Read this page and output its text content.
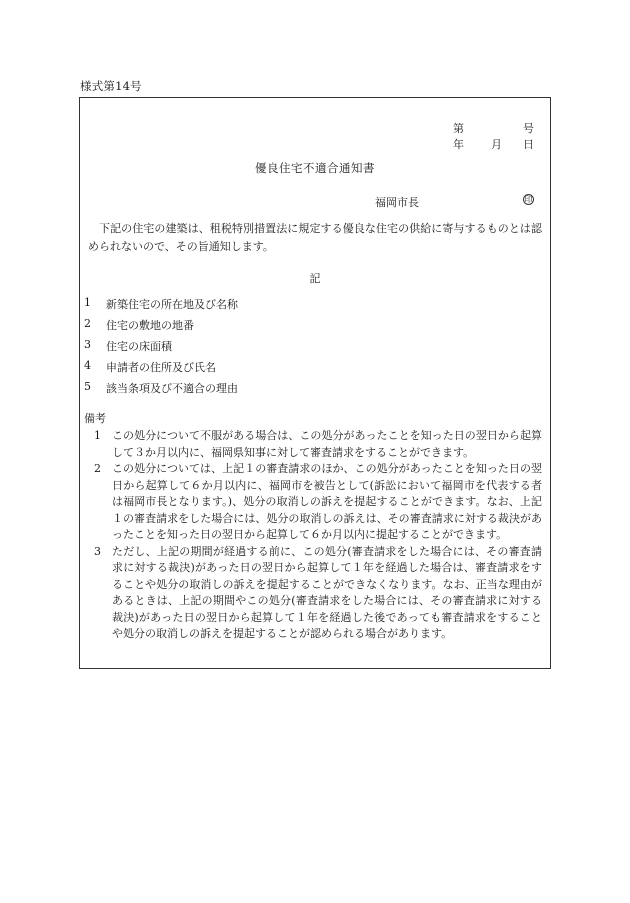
様式第14号
第	号
年	月	日
優良住宅不適合通知書
福岡市長	印
下記の住宅の建築は、租税特別措置法に規定する優良な住宅の供給に寄与するものとは認められないので、その旨通知します。
記
1	新築住宅の所在地及び名称
2	住宅の敷地の地番
3	住宅の床面積
4	申請者の住所及び氏名
5	該当条項及び不適合の理由
備考
1	この処分について不服がある場合は、この処分があったことを知った日の翌日から起算して３か月以内に、福岡県知事に対して審査請求をすることができます。
2	この処分については、上記１の審査請求のほか、この処分があったことを知った日の翌日から起算して６か月以内に、福岡市を被告として(訴訟において福岡市を代表する者は福岡市長となります。)、処分の取消しの訴えを提起することができます。なお、上記１の審査請求をした場合には、処分の取消しの訴えは、その審査請求に対する裁決があったことを知った日の翌日から起算して６か月以内に提起することができます。
3	ただし、上記の期間が経過する前に、この処分(審査請求をした場合には、その審査請求に対する裁決)があった日の翌日から起算して１年を経過した場合は、審査請求をすることや処分の取消しの訴えを提起することができなくなります。なお、正当な理由があるときは、上記の期間やこの処分(審査請求をした場合には、その審査請求に対する裁決)があった日の翌日から起算して１年を経過した後であっても審査請求をすることや処分の取消しの訴えを提起することが認められる場合があります。
